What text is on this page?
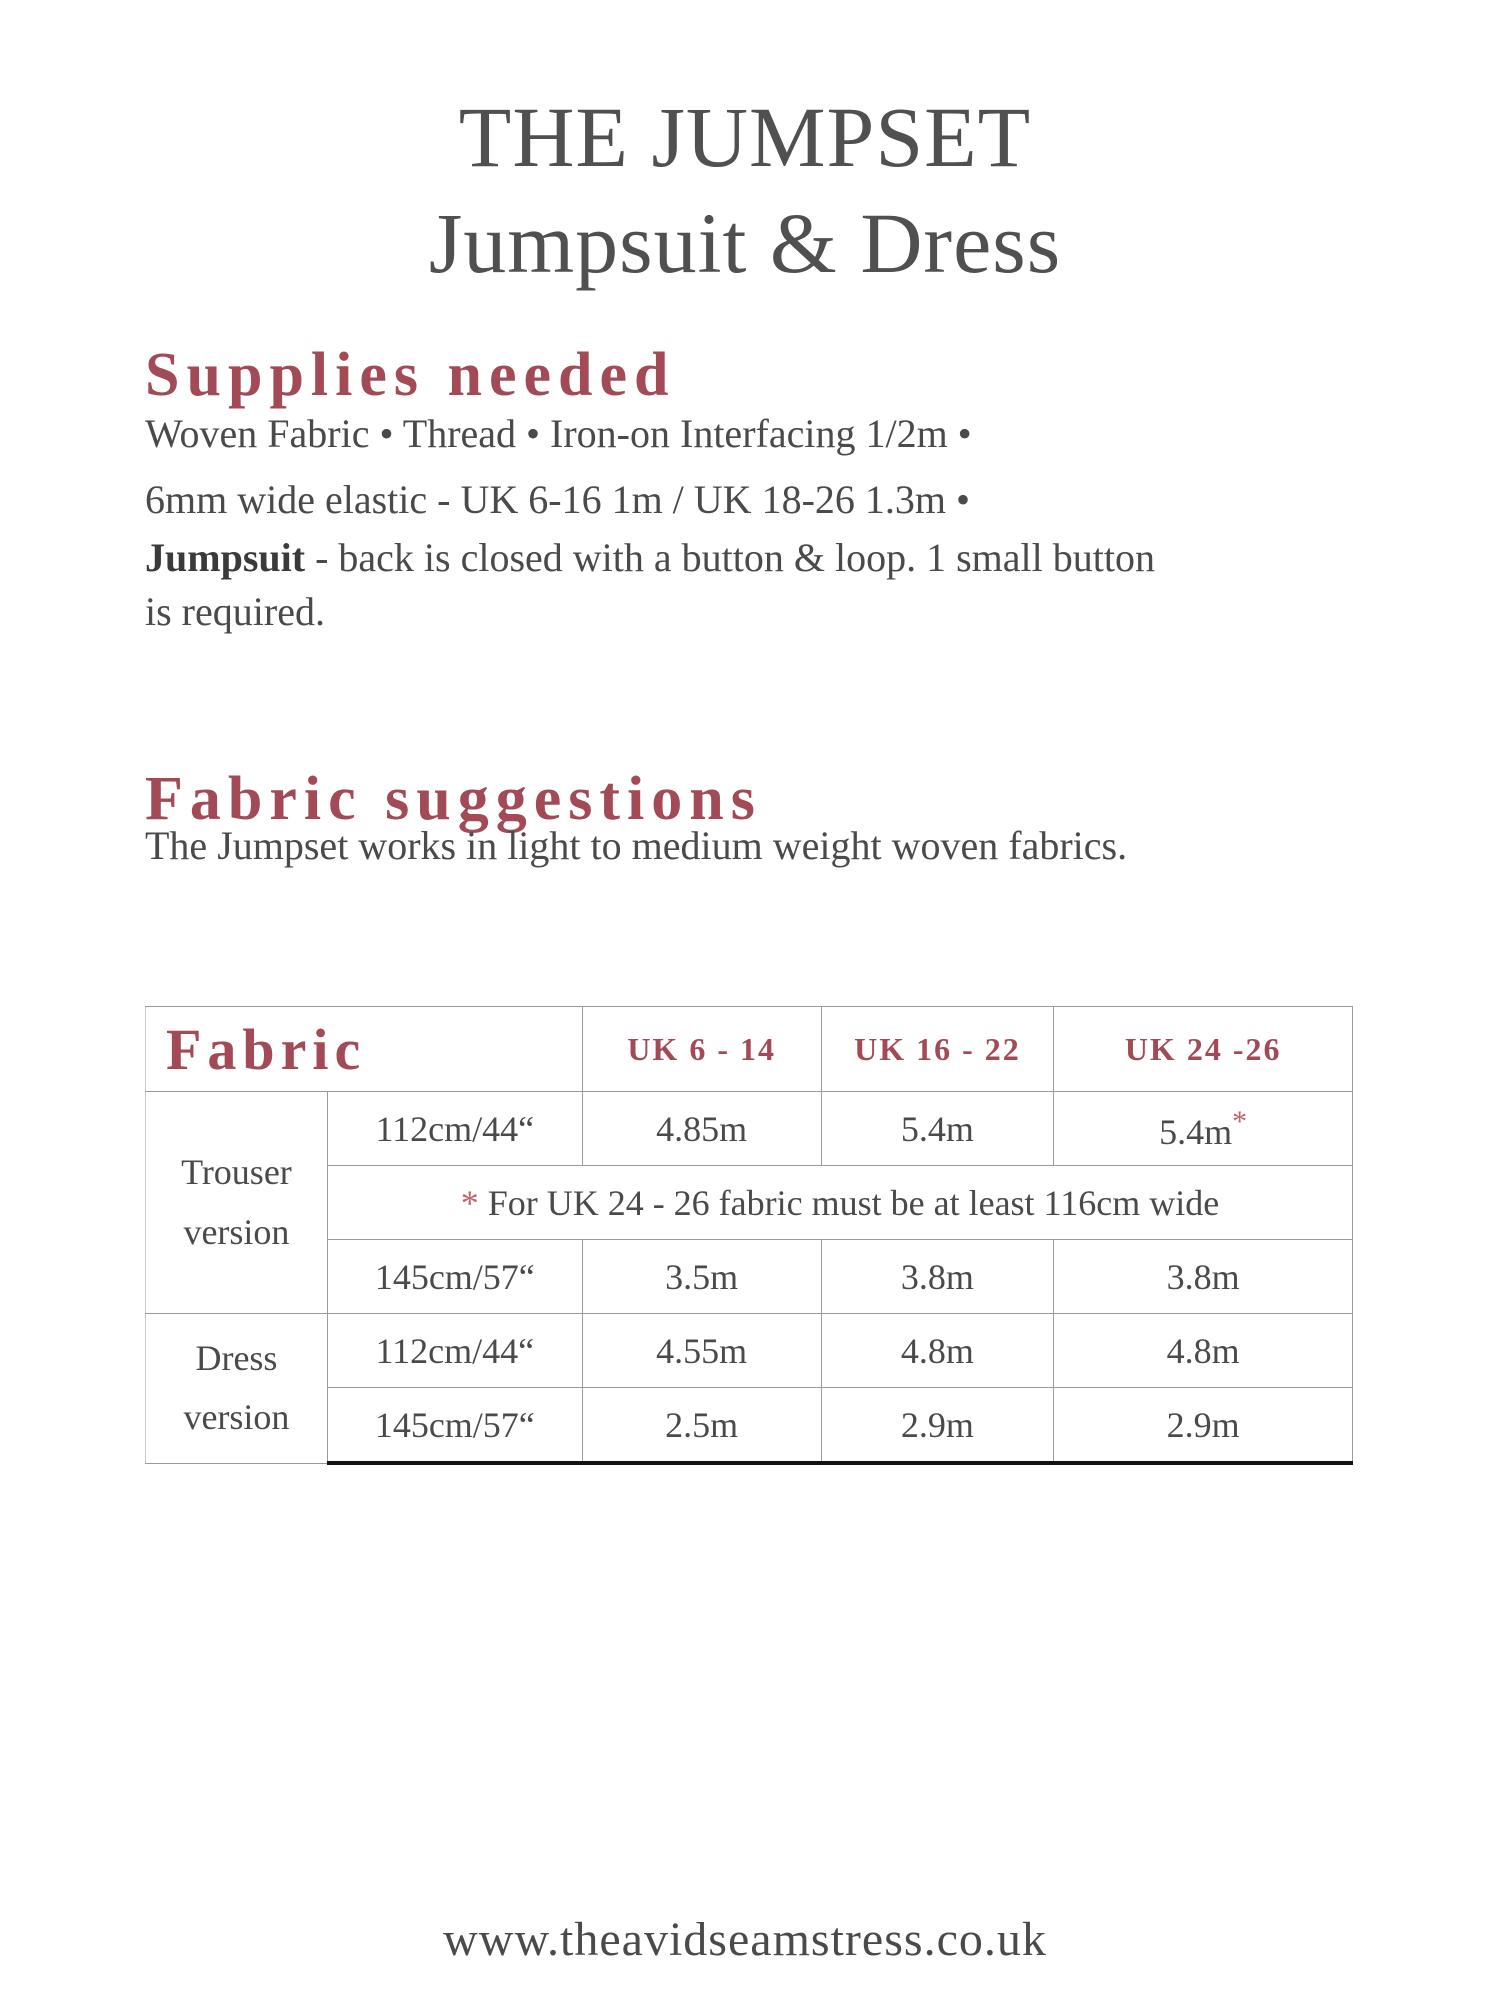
THE JUMPSET
Jumpsuit & Dress
Supplies needed
Woven Fabric • Thread • Iron-on Interfacing 1/2m •
6mm wide elastic - UK 6-16 1m / UK 18-26 1.3m •
Jumpsuit - back is closed with a button & loop. 1 small button
is required.
Fabric suggestions
The Jumpset works in light to medium weight woven fabrics.
Fabric		UK 6 - 14	UK 16 - 22	UK 24 -26
Trouser
version	112cm/44“	4.85m	5.4m	5.4m*
	* For UK 24 - 26 fabric must be at least 116cm wide			
	145cm/57“	3.5m	3.8m	3.8m
Dress
version	112cm/44“	4.55m	4.8m	4.8m
	145cm/57“	2.5m	2.9m	2.9m
www.theavidseamstress.co.uk
